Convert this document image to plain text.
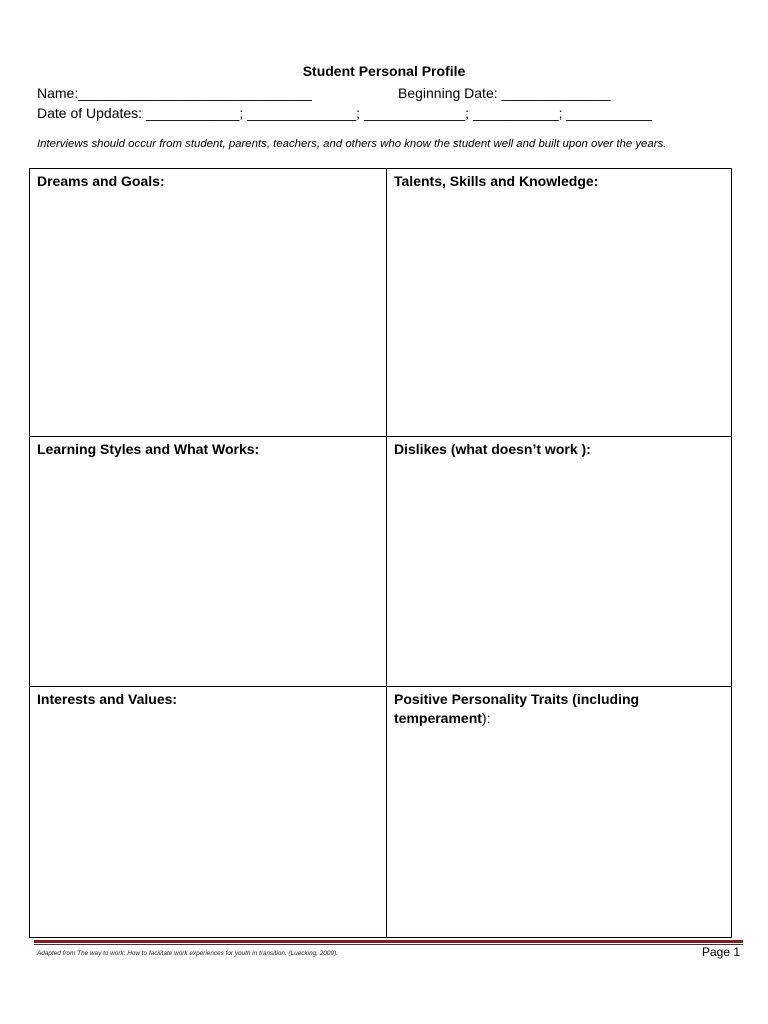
Student Personal Profile
Name:______________________________	Beginning Date: ______________
Date of Updates: ____________; ______________; _____________; ___________; ___________
Interviews should occur from student, parents, teachers, and others who know the student well and built upon over the years.
Dreams and Goals:	Talents, Skills and Knowledge:
Learning Styles and What Works:	Dislikes (what doesn’t work ):
Interests and Values:	Positive Personality Traits (including temperament):
Adapted from The way to work: How to facilitate work experiences for youth in transition. (Luecking, 2009).	Page 1
